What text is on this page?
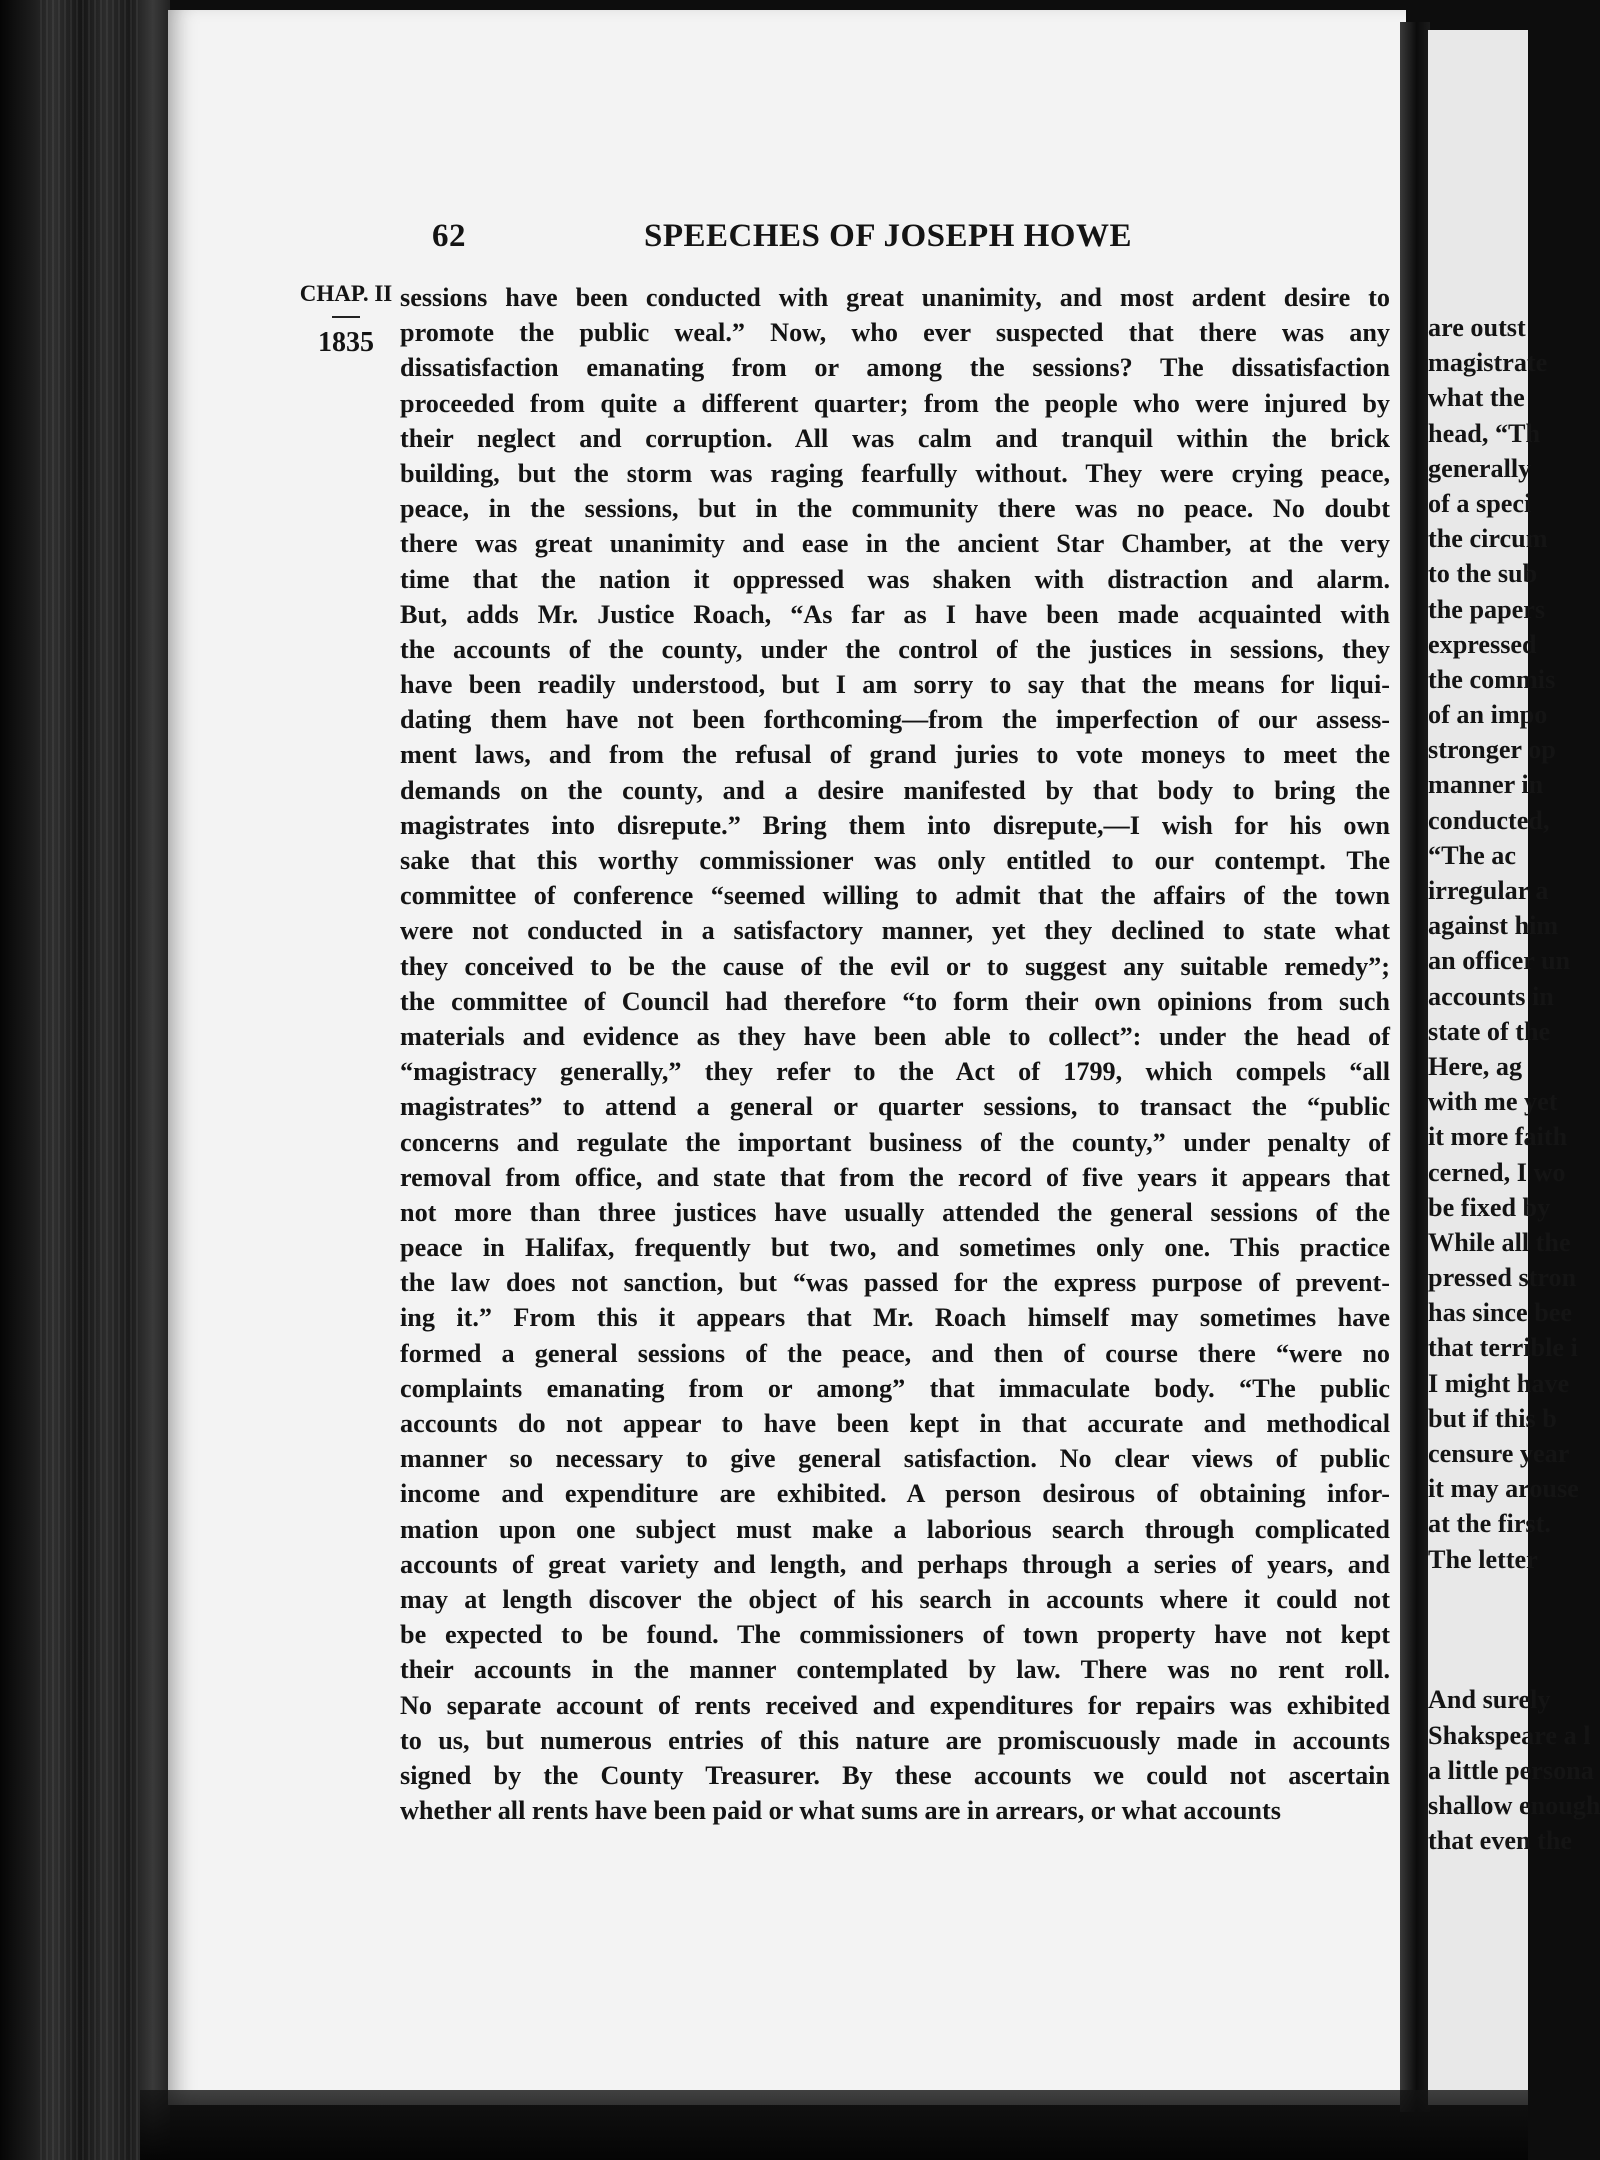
62	SPEECHES OF JOSEPH HOWE
CHAP. II
1835
sessions have been conducted with great unanimity, and most ardent desire to
promote the public weal.” Now, who ever suspected that there was any
dissatisfaction emanating from or among the sessions? The dissatisfaction
proceeded from quite a different quarter; from the people who were injured by
their neglect and corruption. All was calm and tranquil within the brick
building, but the storm was raging fearfully without. They were crying peace,
peace, in the sessions, but in the community there was no peace. No doubt
there was great unanimity and ease in the ancient Star Chamber, at the very
time that the nation it oppressed was shaken with distraction and alarm.
But, adds Mr. Justice Roach, “As far as I have been made acquainted with
the accounts of the county, under the control of the justices in sessions, they
have been readily understood, but I am sorry to say that the means for liqui-
dating them have not been forthcoming—from the imperfection of our assess-
ment laws, and from the refusal of grand juries to vote moneys to meet the
demands on the county, and a desire manifested by that body to bring the
magistrates into disrepute.” Bring them into disrepute,—I wish for his own
sake that this worthy commissioner was only entitled to our contempt. The
committee of conference “seemed willing to admit that the affairs of the town
were not conducted in a satisfactory manner, yet they declined to state what
they conceived to be the cause of the evil or to suggest any suitable remedy”;
the committee of Council had therefore “to form their own opinions from such
materials and evidence as they have been able to collect”: under the head of
“magistracy generally,” they refer to the Act of 1799, which compels “all
magistrates” to attend a general or quarter sessions, to transact the “public
concerns and regulate the important business of the county,” under penalty of
removal from office, and state that from the record of five years it appears that
not more than three justices have usually attended the general sessions of the
peace in Halifax, frequently but two, and sometimes only one. This practice
the law does not sanction, but “was passed for the express purpose of prevent-
ing it.” From this it appears that Mr. Roach himself may sometimes have
formed a general sessions of the peace, and then of course there “were no
complaints emanating from or among” that immaculate body. “The public
accounts do not appear to have been kept in that accurate and methodical
manner so necessary to give general satisfaction. No clear views of public
income and expenditure are exhibited. A person desirous of obtaining infor-
mation upon one subject must make a laborious search through complicated
accounts of great variety and length, and perhaps through a series of years, and
may at length discover the object of his search in accounts where it could not
be expected to be found. The commissioners of town property have not kept
their accounts in the manner contemplated by law. There was no rent roll.
No separate account of rents received and expenditures for repairs was exhibited
to us, but numerous entries of this nature are promiscuously made in accounts
signed by the County Treasurer. By these accounts we could not ascertain
whether all rents have been paid or what sums are in arrears, or what accounts
are outst
magistrate
what the
head, “Th
generally
of a speci
the circum
to the sub
the papers
expressed
the commis
of an impo
stronger op
manner in
conducted,
“The ac
irregular a
against him
an officer un
accounts in
state of the
Here, ag
with me yet
it more faith
cerned, I wo
be fixed by
While all the
pressed stron
has since bee
that terrible i
I might have
but if this b
censure year
it may arouse
at the first.
The letter
And surely
Shakspeare a l
a little persona
shallow enough
that even the
